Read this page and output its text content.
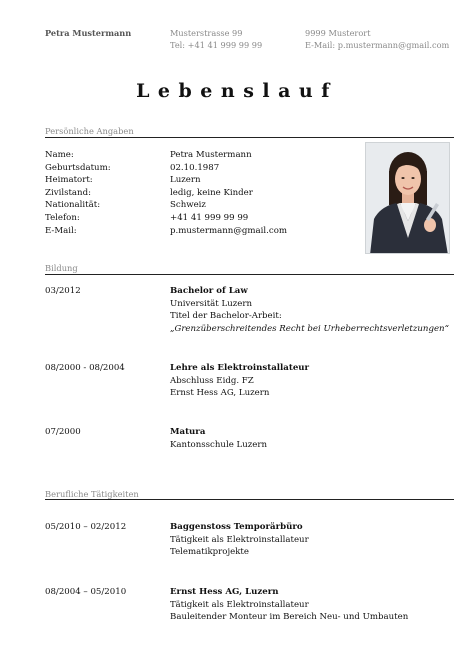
Petra Mustermann	Musterstrasse 99
Tel: +41 41 999 99 99
9999 Musterort
E-Mail: p.mustermann@gmail.com
Lebenslauf
Persönliche Angaben
Name:	Petra Mustermann
Geburtsdatum:	02.10.1987
Heimatort:	Luzern
Zivilstand:	ledig, keine Kinder
Nationalität:	Schweiz
Telefon:	+41 41 999 99 99
E-Mail:	p.mustermann@gmail.com
Bildung
03/2012	Bachelor of Law
Universität Luzern
Titel der Bachelor-Arbeit:
„Grenzüberschreitendes Recht bei Urheberrechtsverletzungen“
08/2000 - 08/2004	Lehre als Elektroinstallateur
Abschluss Eidg. FZ
Ernst Hess AG, Luzern
07/2000	Matura
Kantonsschule Luzern
Berufliche Tätigkeiten
05/2010 – 02/2012	Baggenstoss Temporärbüro
Tätigkeit als Elektroinstallateur
Telematikprojekte
08/2004 – 05/2010	Ernst Hess AG, Luzern
Tätigkeit als Elektroinstallateur
Bauleitender Monteur im Bereich Neu- und Umbauten
